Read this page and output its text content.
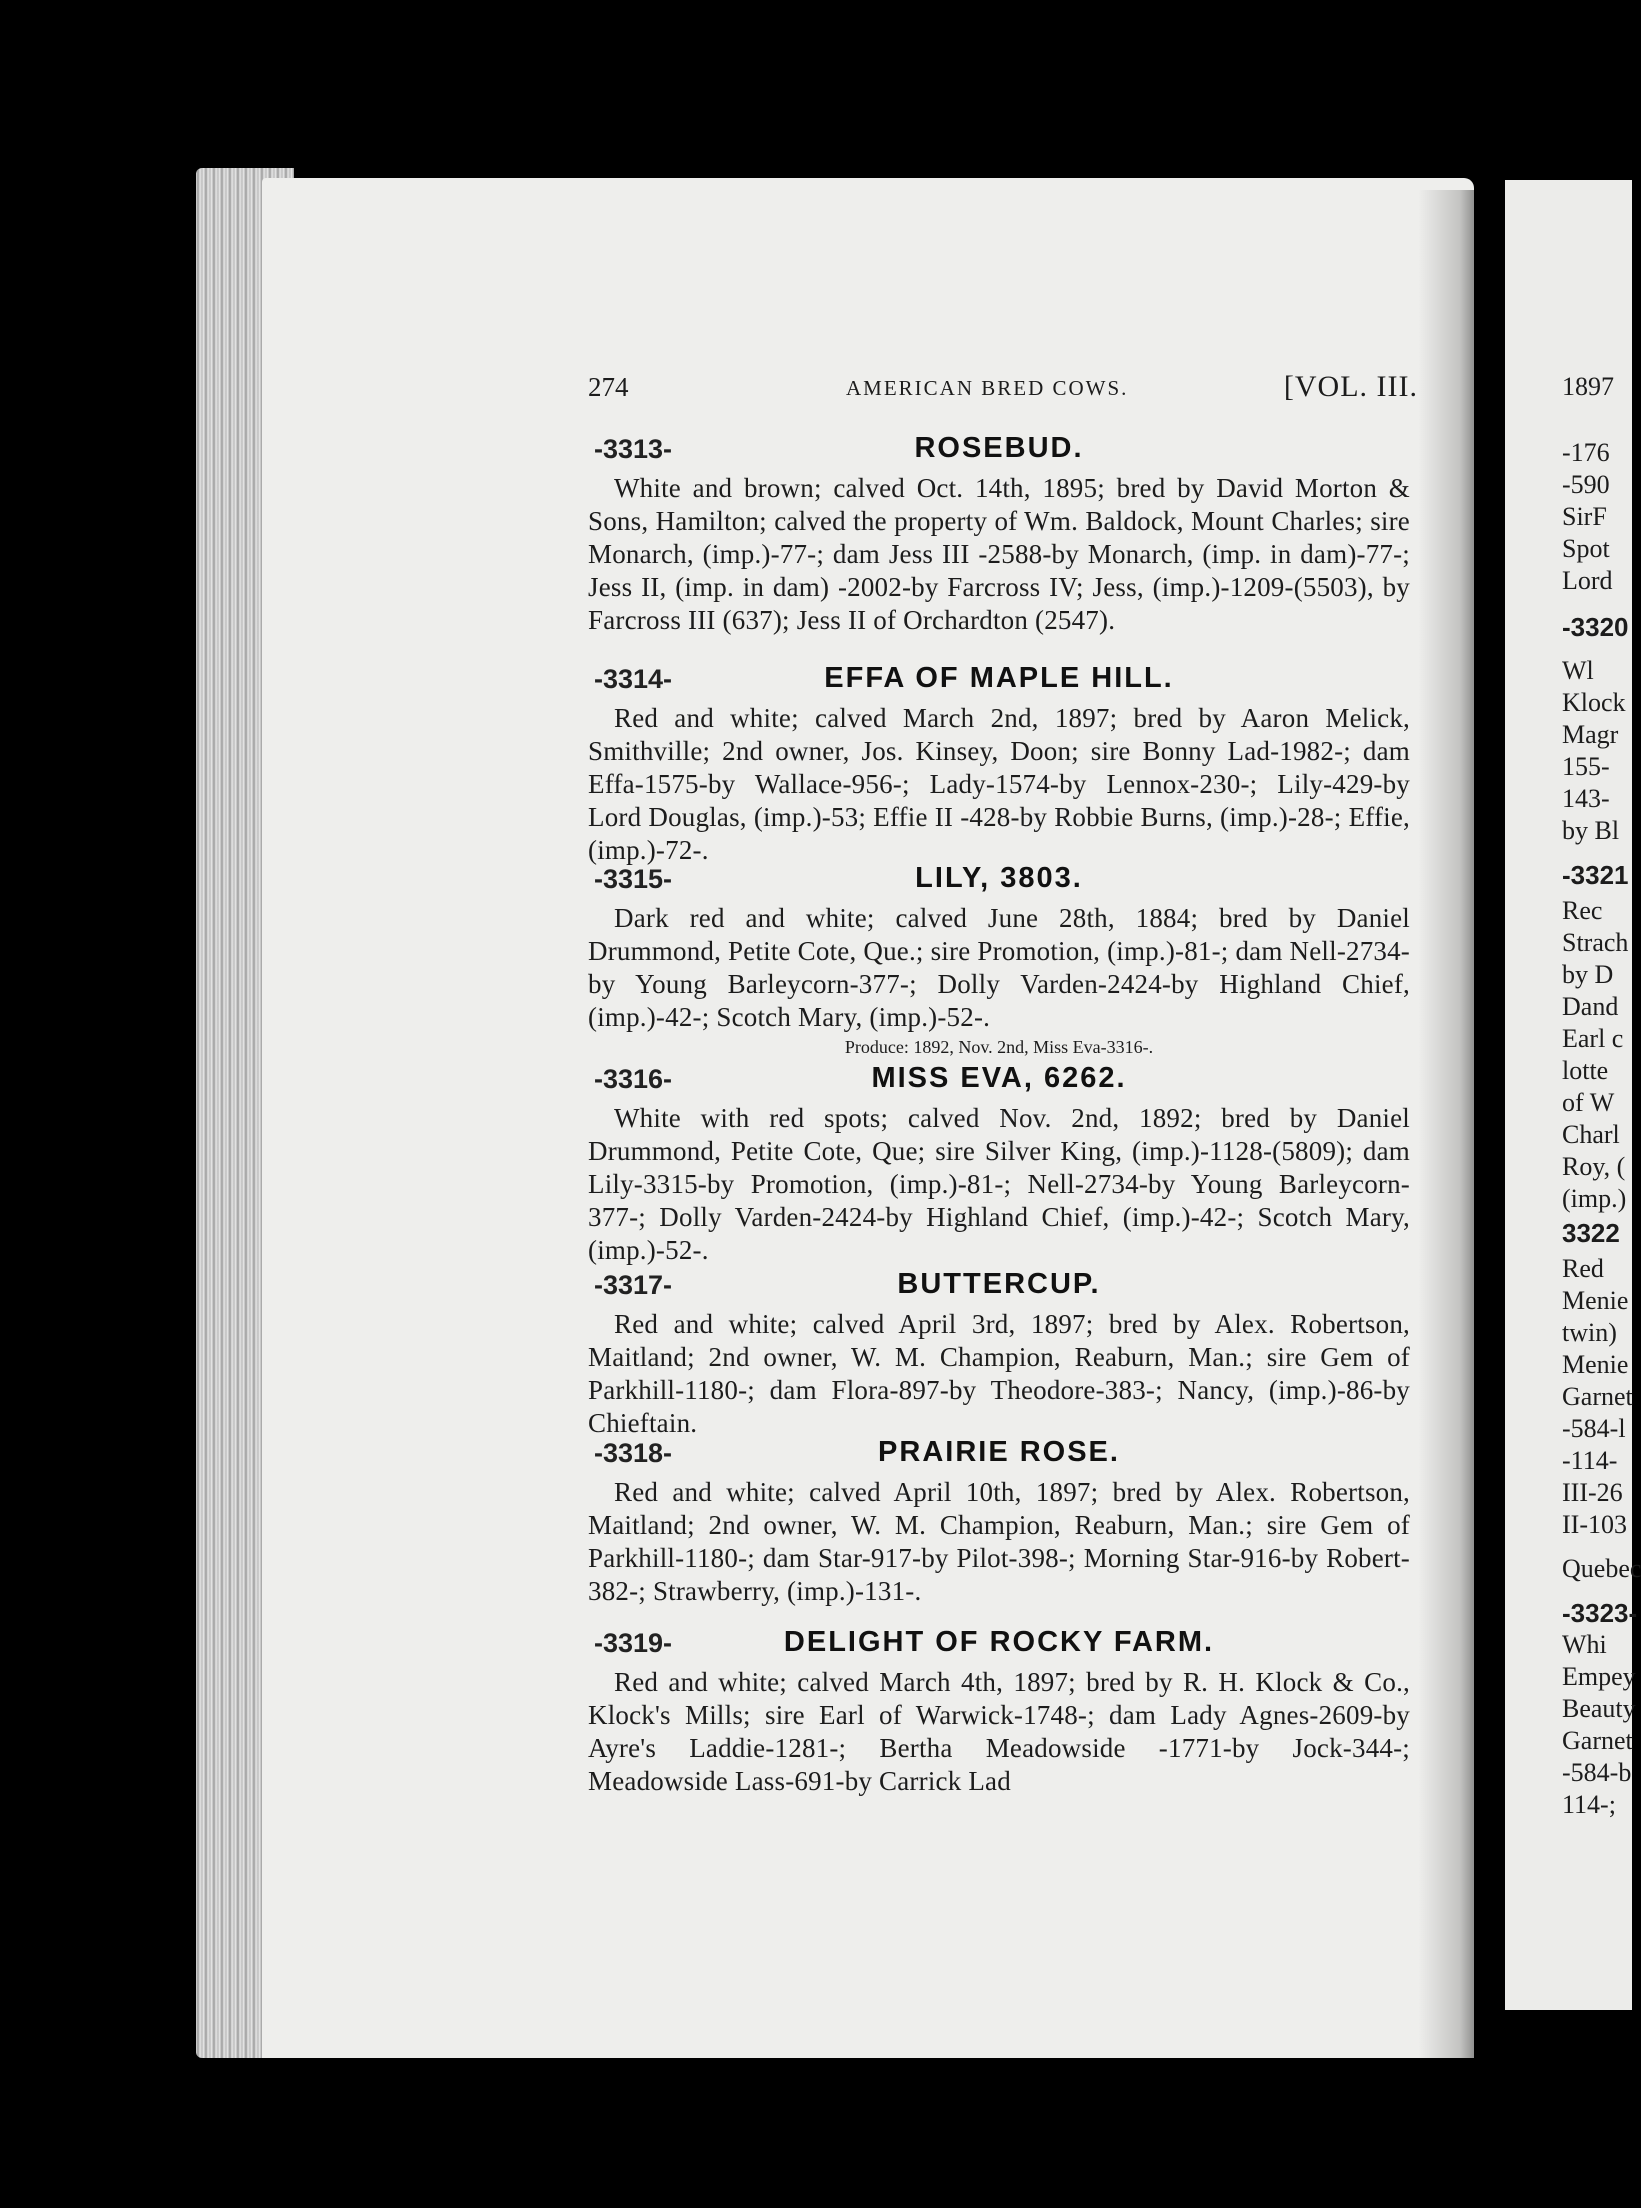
274	AMERICAN BRED COWS.	[VOL. III.
-3313-	ROSEBUD.
White and brown; calved Oct. 14th, 1895; bred by David Morton & Sons, Hamilton; calved the property of Wm. Baldock, Mount Charles; sire Monarch, (imp.)-77-; dam Jess III -2588-by Monarch, (imp. in dam)-77-; Jess II, (imp. in dam) -2002-by Farcross IV; Jess, (imp.)-1209-(5503), by Farcross III (637); Jess II of Orchardton (2547).
-3314-	EFFA OF MAPLE HILL.
Red and white; calved March 2nd, 1897; bred by Aaron Melick, Smithville; 2nd owner, Jos. Kinsey, Doon; sire Bonny Lad-1982-; dam Effa-1575-by Wallace-956-; Lady-1574-by Lennox-230-; Lily-429-by Lord Douglas, (imp.)-53; Effie II -428-by Robbie Burns, (imp.)-28-; Effie, (imp.)-72-.
-3315-	LILY, 3803.
Dark red and white; calved June 28th, 1884; bred by Daniel Drummond, Petite Cote, Que.; sire Promotion, (imp.)-81-; dam Nell-2734-by Young Barleycorn-377-; Dolly Varden-2424-by Highland Chief, (imp.)-42-; Scotch Mary, (imp.)-52-.
Produce: 1892, Nov. 2nd, Miss Eva-3316-.
-3316-	MISS EVA, 6262.
White with red spots; calved Nov. 2nd, 1892; bred by Daniel Drummond, Petite Cote, Que; sire Silver King, (imp.)-1128-(5809); dam Lily-3315-by Promotion, (imp.)-81-; Nell-2734-by Young Barleycorn-377-; Dolly Varden-2424-by Highland Chief, (imp.)-42-; Scotch Mary, (imp.)-52-.
-3317-	BUTTERCUP.
Red and white; calved April 3rd, 1897; bred by Alex. Robertson, Maitland; 2nd owner, W. M. Champion, Reaburn, Man.; sire Gem of Parkhill-1180-; dam Flora-897-by Theodore-383-; Nancy, (imp.)-86-by Chieftain.
-3318-	PRAIRIE ROSE.
Red and white; calved April 10th, 1897; bred by Alex. Robertson, Maitland; 2nd owner, W. M. Champion, Reaburn, Man.; sire Gem of Parkhill-1180-; dam Star-917-by Pilot-398-; Morning Star-916-by Robert-382-; Strawberry, (imp.)-131-.
-3319-	DELIGHT OF ROCKY FARM.
Red and white; calved March 4th, 1897; bred by R. H. Klock & Co., Klock's Mills; sire Earl of Warwick-1748-; dam Lady Agnes-2609-by Ayre's Laddie-1281-; Bertha Meadowside -1771-by Jock-344-; Meadowside Lass-691-by Carrick Lad
1897
-176
-590
SirF
Spot
Lord
-3320
Wl
Klock
Magr
155-
143-
by Bl
-3321
Rec
Strach
by D
Dand
Earl c
lotte
of W
Charl
Roy, (
(imp.)
3322
Red
Menie
twin)
Menie
Garnet
-584-l
-114-
III-26
II-103
Quebec
-3323-
Whi
Empey
Beauty
Garnet
-584-b
114-;
